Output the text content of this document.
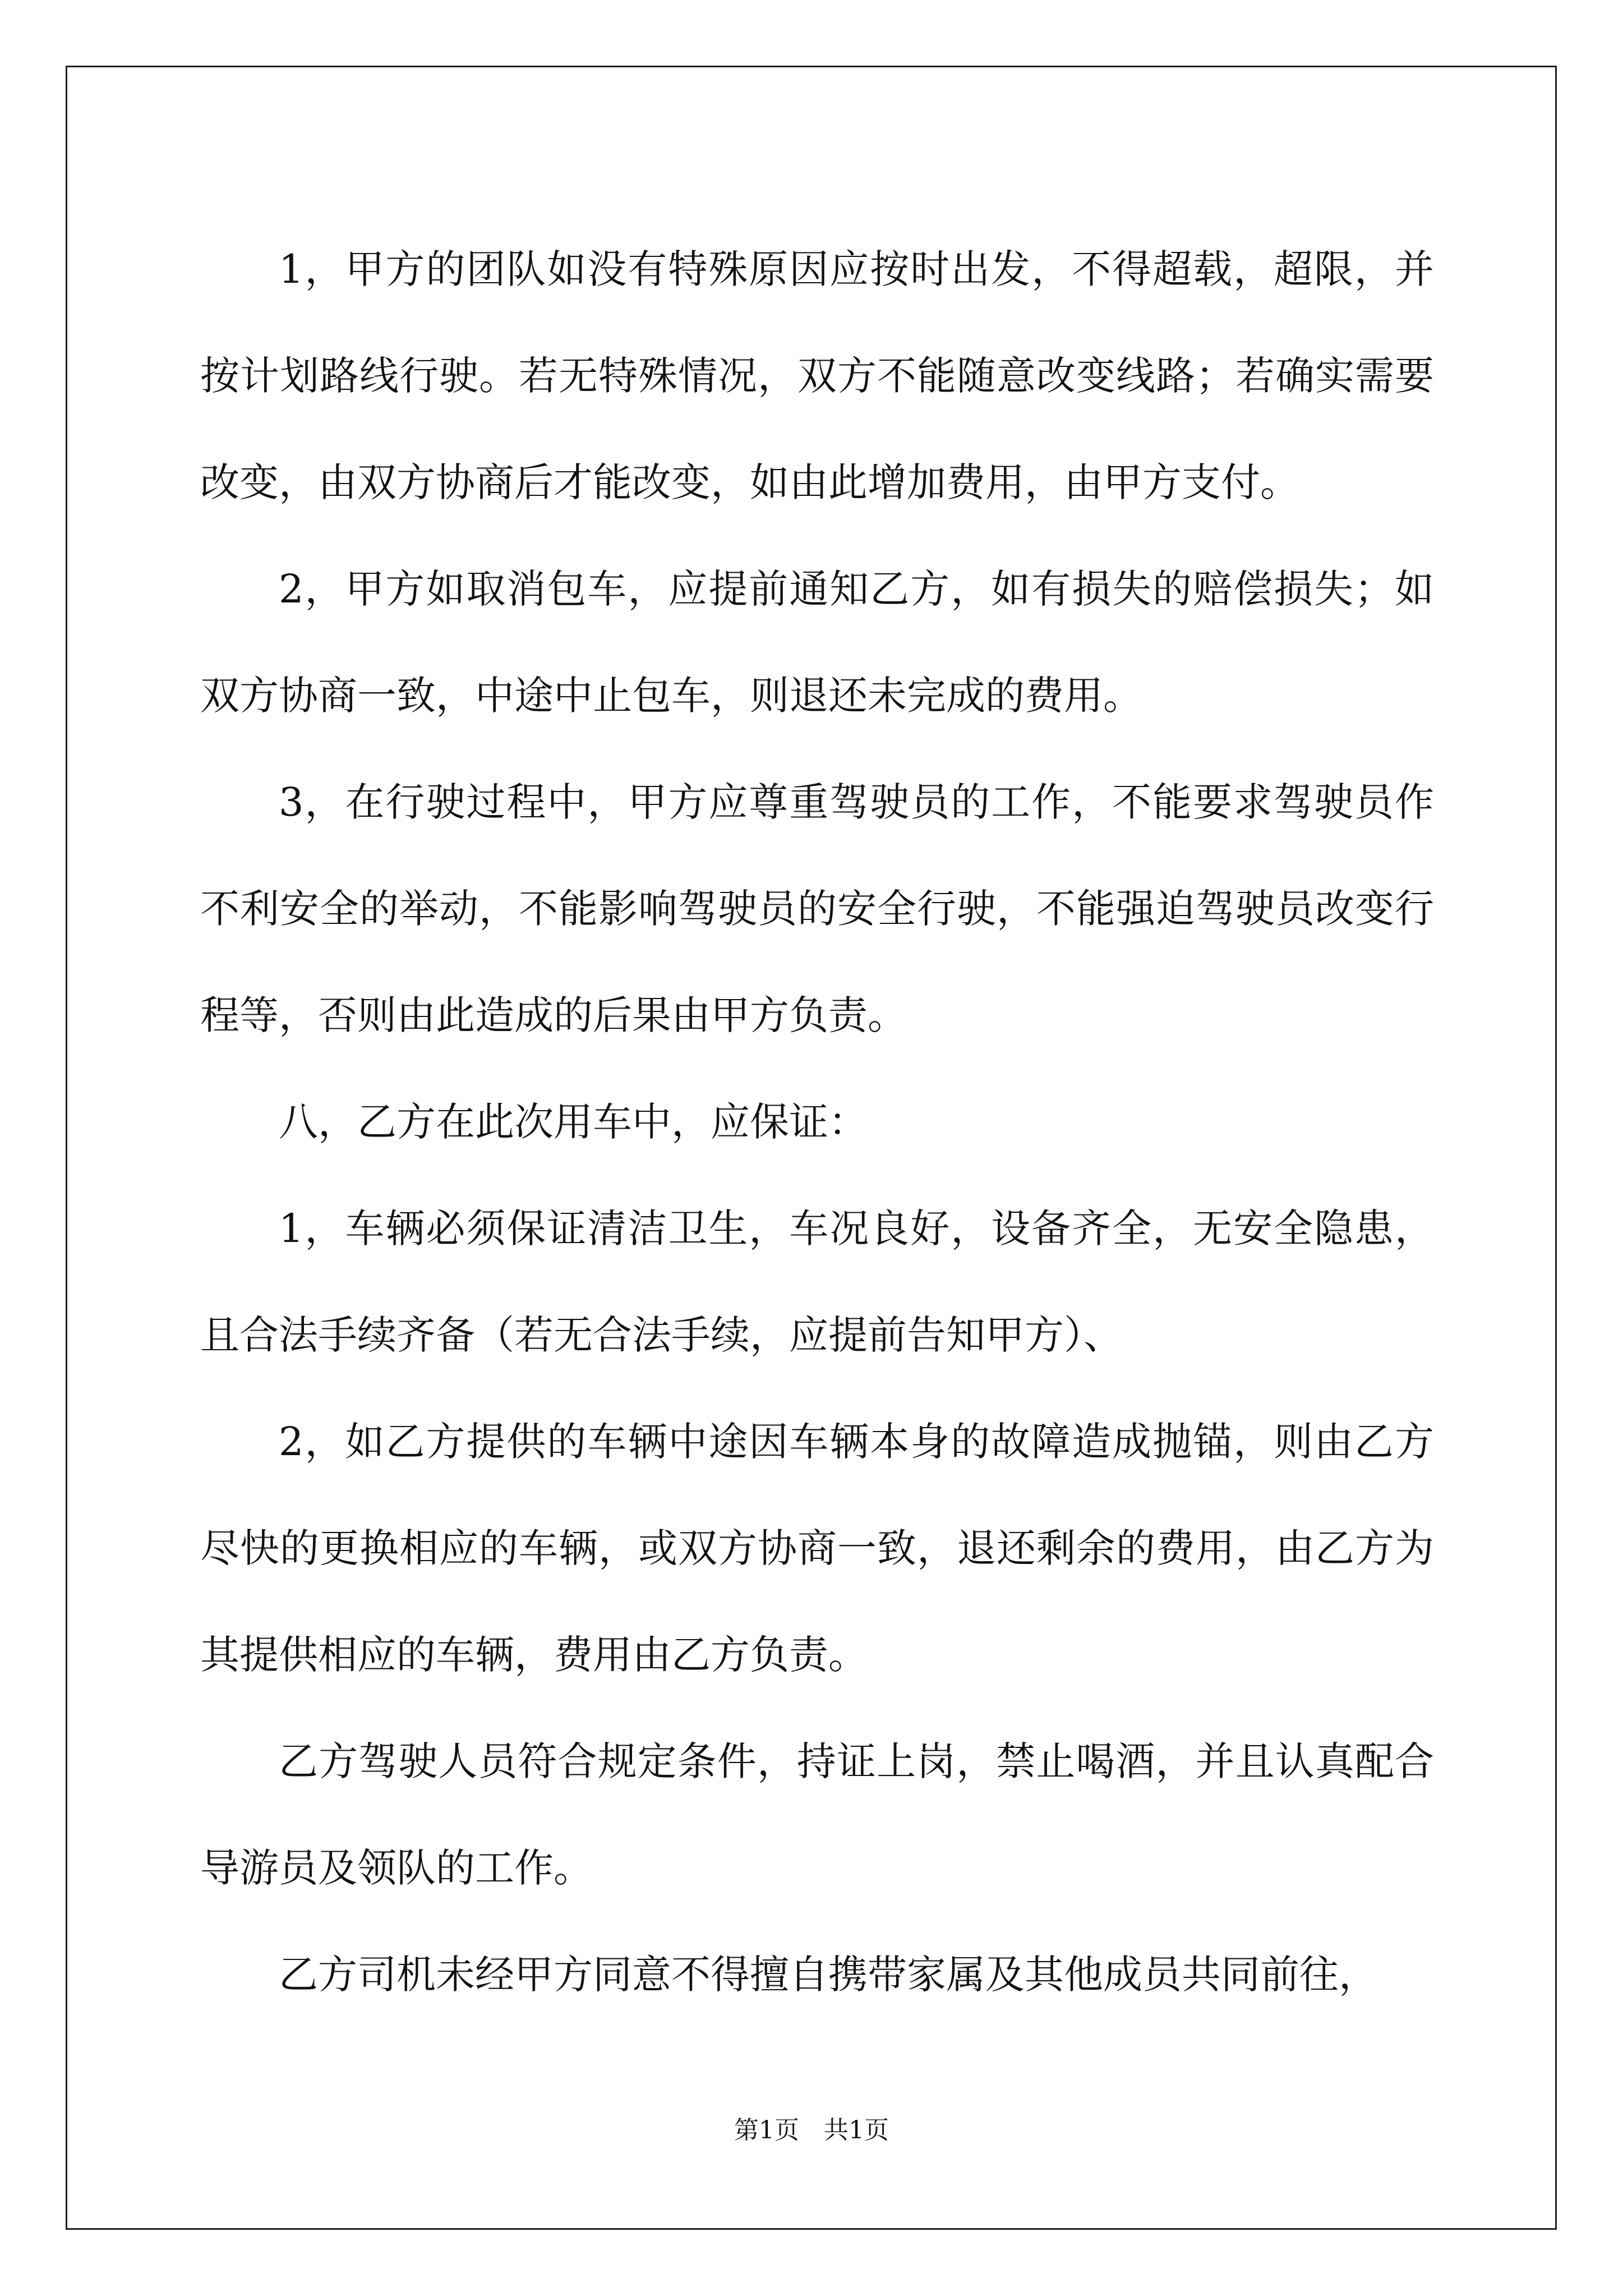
1，甲方的团队如没有特殊原因应按时出发，不得超载，超限，并按计划路线行驶。若无特殊情况，双方不能随意改变线路；若确实需要改变，由双方协商后才能改变，如由此增加费用，由甲方支付。

2，甲方如取消包车，应提前通知乙方，如有损失的赔偿损失；如双方协商一致，中途中止包车，则退还未完成的费用。

3，在行驶过程中，甲方应尊重驾驶员的工作，不能要求驾驶员作不利安全的举动，不能影响驾驶员的安全行驶，不能强迫驾驶员改变行程等，否则由此造成的后果由甲方负责。

八，乙方在此次用车中，应保证：

1，车辆必须保证清洁卫生，车况良好，设备齐全，无安全隐患，且合法手续齐备（若无合法手续，应提前告知甲方）、

2，如乙方提供的车辆中途因车辆本身的故障造成抛锚，则由乙方尽快的更换相应的车辆，或双方协商一致，退还剩余的费用，由乙方为其提供相应的车辆，费用由乙方负责。

乙方驾驶人员符合规定条件，持证上岗，禁止喝酒，并且认真配合导游员及领队的工作。

乙方司机未经甲方同意不得擅自携带家属及其他成员共同前往，

第1页　共1页
